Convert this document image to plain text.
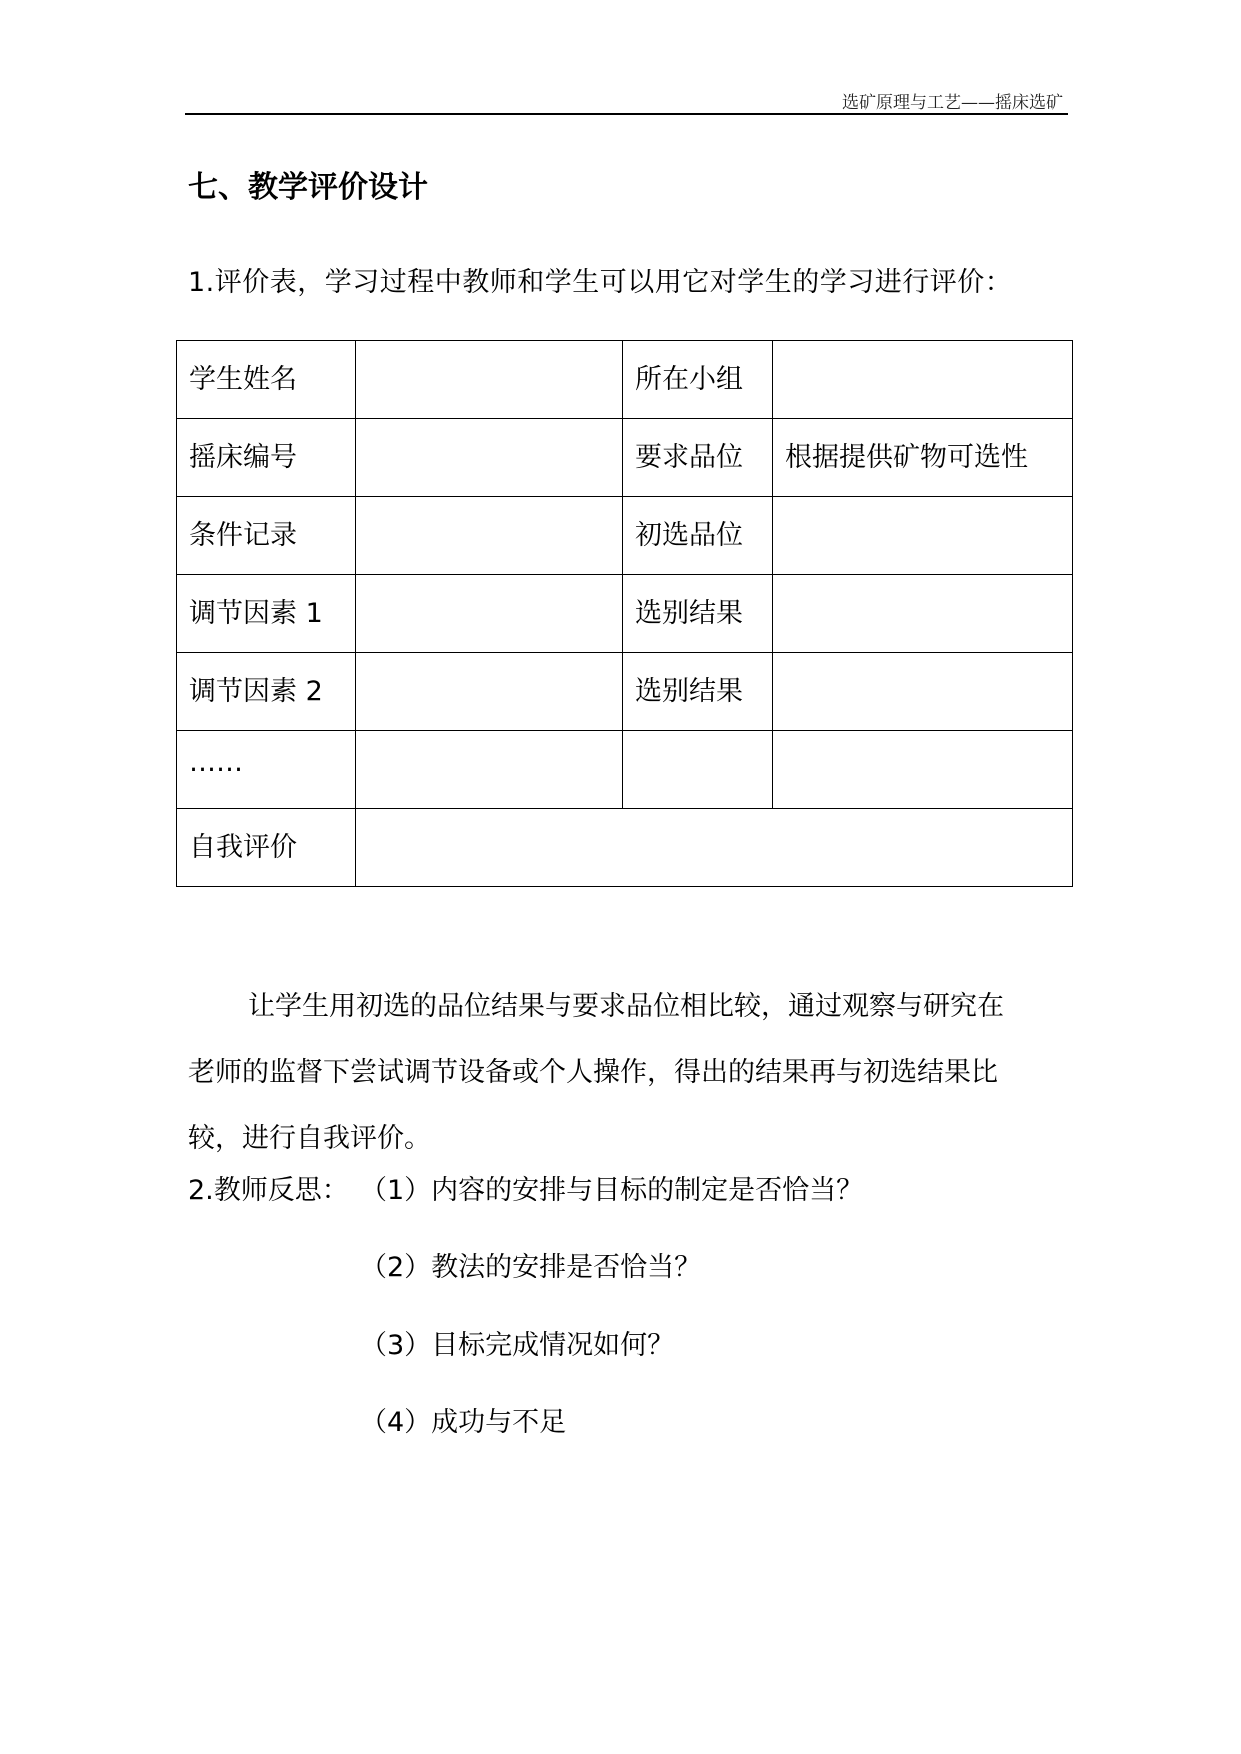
选矿原理与工艺——摇床选矿
七、教学评价设计
1.评价表，学习过程中教师和学生可以用它对学生的学习进行评价：
学生姓名		所在小组	
摇床编号		要求品位	根据提供矿物可选性
条件记录		初选品位	
调节因素 1		选别结果	
调节因素 2		选别结果	
……			
自我评价			
让学生用初选的品位结果与要求品位相比较，通过观察与研究在
老师的监督下尝试调节设备或个人操作，得出的结果再与初选结果比
较，进行自我评价。
2.教师反思： （1）内容的安排与目标的制定是否恰当？
（2）教法的安排是否恰当？
（3）目标完成情况如何？
（4）成功与不足
